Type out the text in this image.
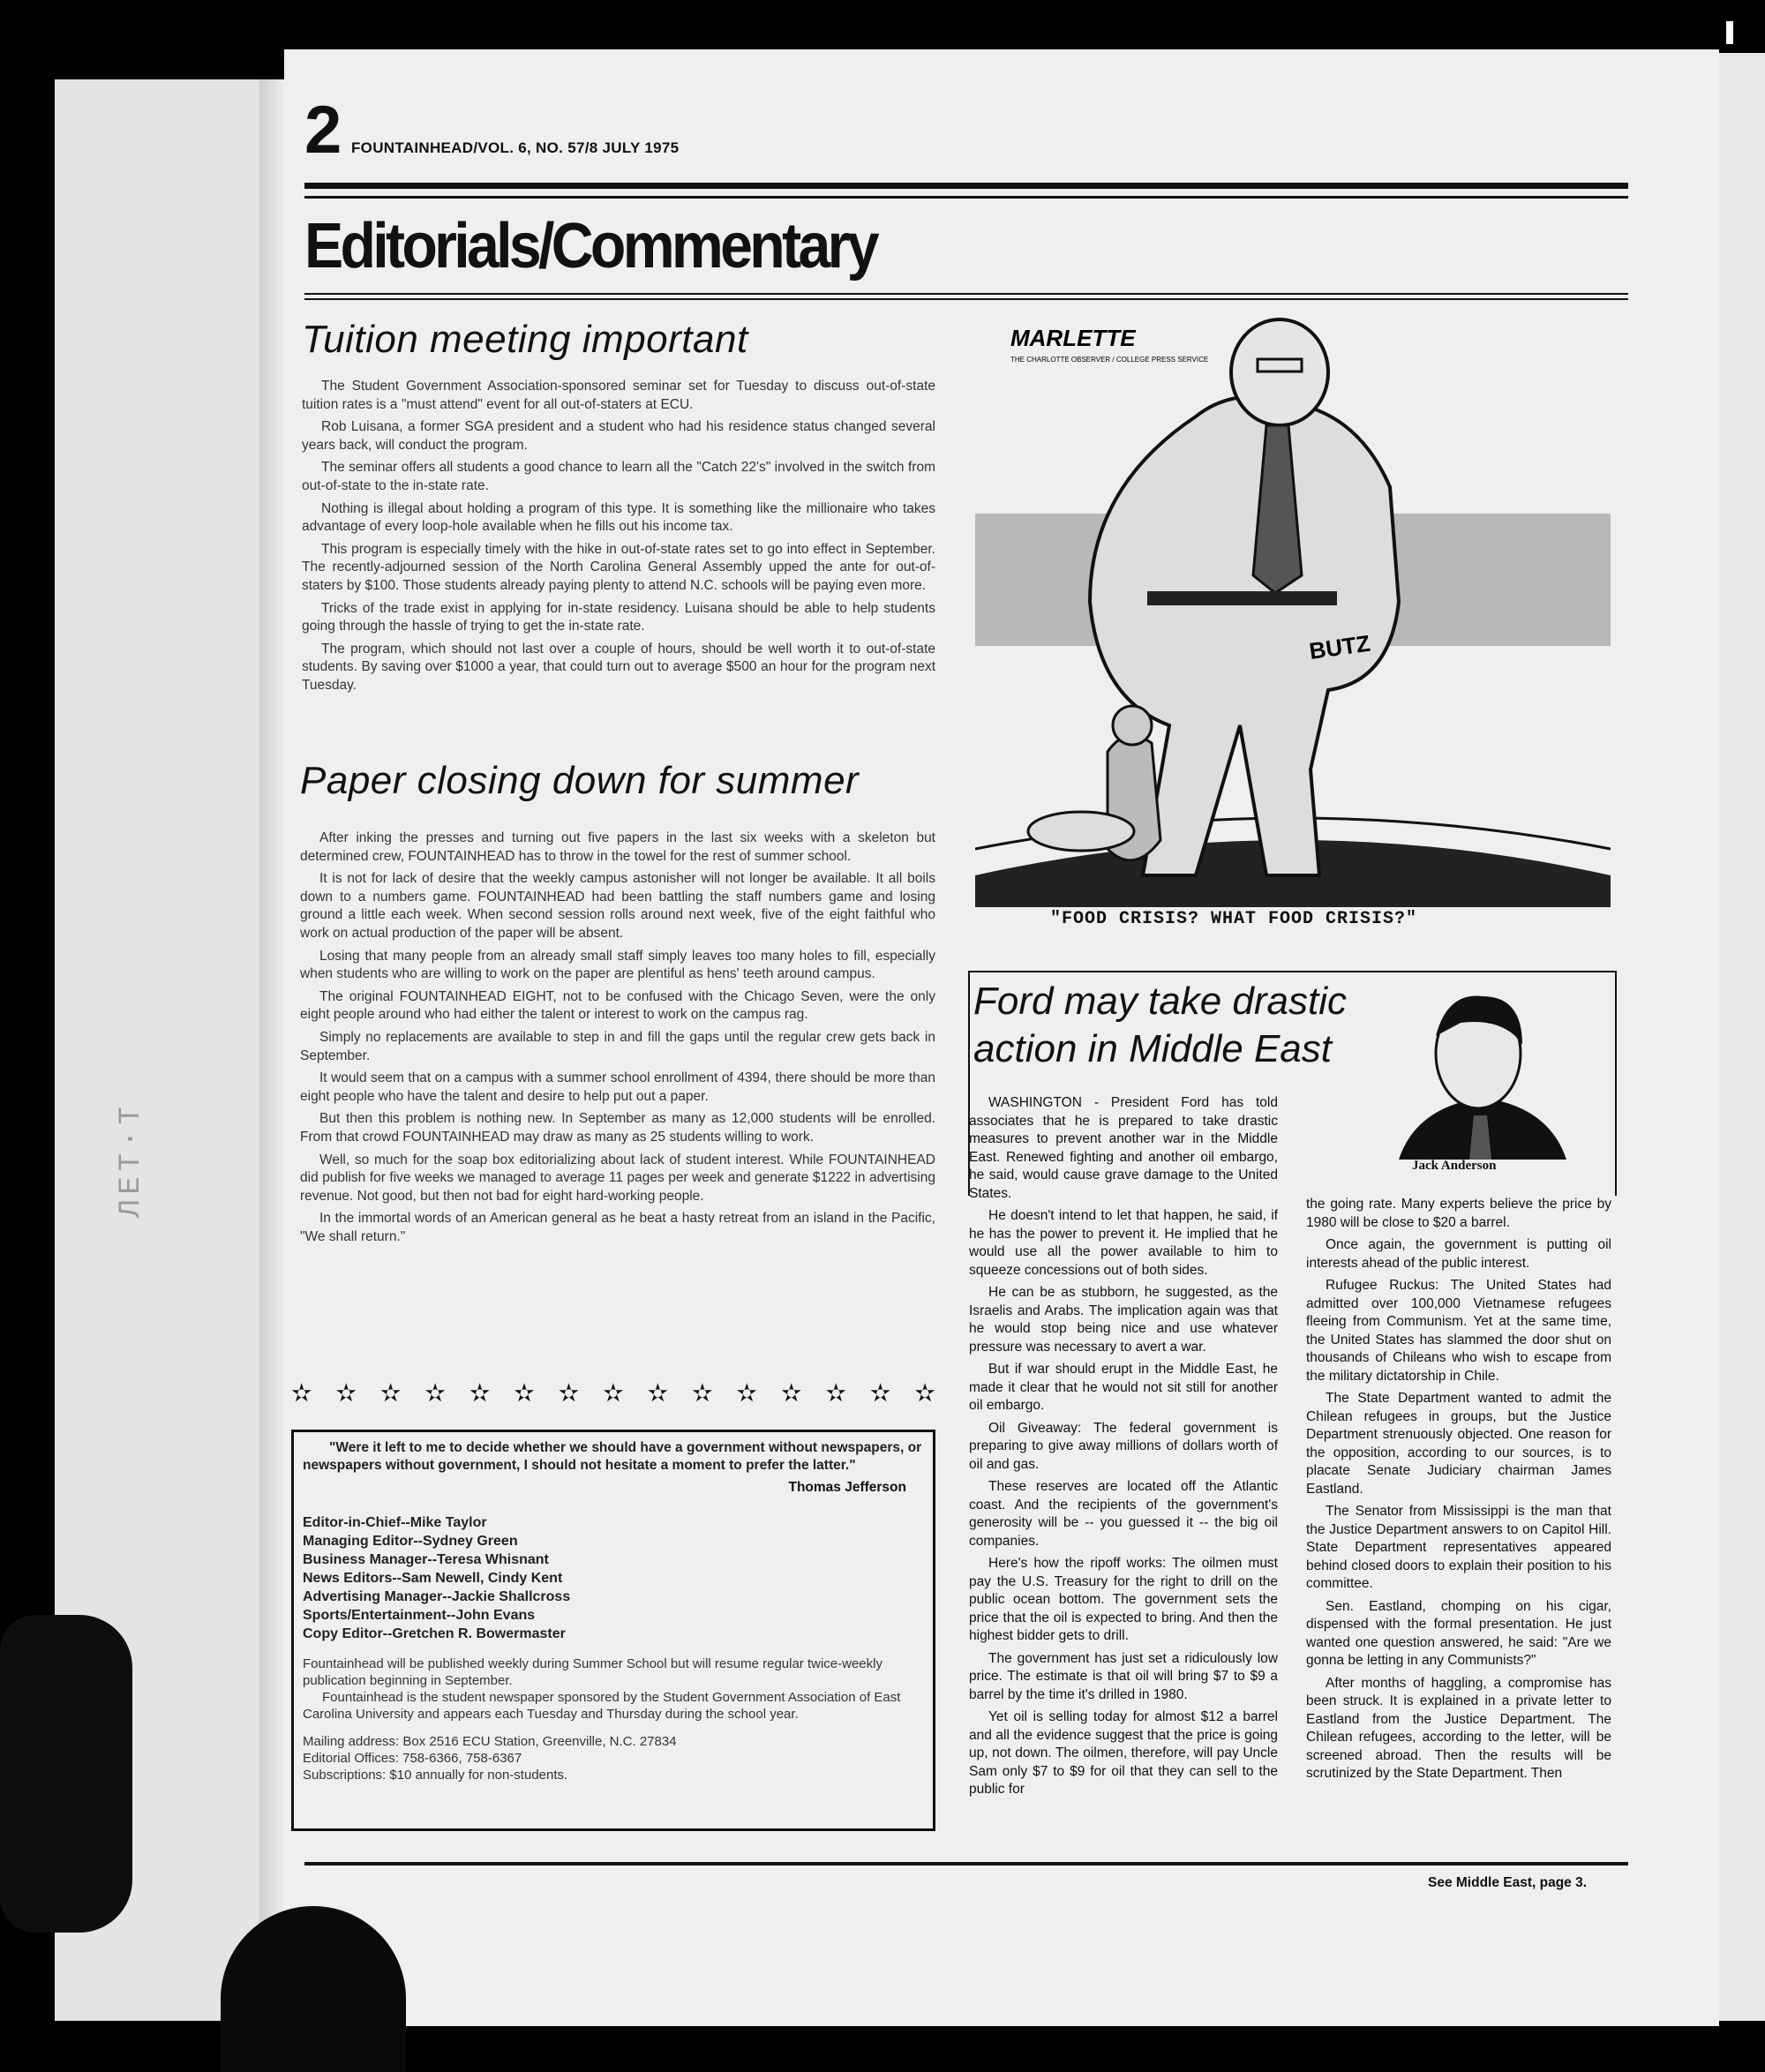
ЛЕТ·Т
2 FOUNTAINHEAD/VOL. 6, NO. 57/8 JULY 1975
Editorials/Commentary
Tuition meeting important

The Student Government Association-sponsored seminar set for Tuesday to discuss out-of-state tuition rates is a "must attend" event for all out-of-staters at ECU.

Rob Luisana, a former SGA president and a student who had his residence status changed several years back, will conduct the program.

The seminar offers all students a good chance to learn all the "Catch 22's" involved in the switch from out-of-state to the in-state rate.

Nothing is illegal about holding a program of this type. It is something like the millionaire who takes advantage of every loop-hole available when he fills out his income tax.

This program is especially timely with the hike in out-of-state rates set to go into effect in September. The recently-adjourned session of the North Carolina General Assembly upped the ante for out-of-staters by $100. Those students already paying plenty to attend N.C. schools will be paying even more.

Tricks of the trade exist in applying for in-state residency. Luisana should be able to help students going through the hassle of trying to get the in-state rate.

The program, which should not last over a couple of hours, should be well worth it to out-of-state students. By saving over $1000 a year, that could turn out to average $500 an hour for the program next Tuesday.

Paper closing down for summer

After inking the presses and turning out five papers in the last six weeks with a skeleton but determined crew, FOUNTAINHEAD has to throw in the towel for the rest of summer school.

It is not for lack of desire that the weekly campus astonisher will not longer be available. It all boils down to a numbers game. FOUNTAINHEAD had been battling the staff numbers game and losing ground a little each week. When second session rolls around next week, five of the eight faithful who work on actual production of the paper will be absent.

Losing that many people from an already small staff simply leaves too many holes to fill, especially when students who are willing to work on the paper are plentiful as hens' teeth around campus.

The original FOUNTAINHEAD EIGHT, not to be confused with the Chicago Seven, were the only eight people around who had either the talent or interest to work on the campus rag.

Simply no replacements are available to step in and fill the gaps until the regular crew gets back in September.

It would seem that on a campus with a summer school enrollment of 4394, there should be more than eight people who have the talent and desire to help put out a paper.

But then this problem is nothing new. In September as many as 12,000 students will be enrolled. From that crowd FOUNTAINHEAD may draw as many as 25 students willing to work.

Well, so much for the soap box editorializing about lack of student interest. While FOUNTAINHEAD did publish for five weeks we managed to average 11 pages per week and generate $1222 in advertising revenue. Not good, but then not bad for eight hard-working people.

In the immortal words of an American general as he beat a hasty retreat from an island in the Pacific, "We shall return."

✫ ✫ ✫ ✫ ✫ ✫ ✫ ✫ ✫ ✫ ✫ ✫ ✫ ✫ ✫
"Were it left to me to decide whether we should have a government without newspapers, or newspapers without government, I should not hesitate a moment to prefer the latter."
Thomas Jefferson
Editor-in-Chief--Mike Taylor
Managing Editor--Sydney Green
Business Manager--Teresa Whisnant
News Editors--Sam Newell, Cindy Kent
Advertising Manager--Jackie Shallcross
Sports/Entertainment--John Evans
Copy Editor--Gretchen R. Bowermaster

Fountainhead will be published weekly during Summer School but will resume regular twice-weekly publication beginning in September.

Fountainhead is the student newspaper sponsored by the Student Government Association of East Carolina University and appears each Tuesday and Thursday during the school year.

Mailing address: Box 2516 ECU Station, Greenville, N.C. 27834
Editorial Offices: 758-6366, 758-6367
Subscriptions: $10 annually for non-students.
BUTZ
MARLETTE
THE CHARLOTTE OBSERVER / COLLEGE PRESS SERVICE
"FOOD CRISIS? WHAT FOOD CRISIS?"
Ford may take drastic action in Middle East
Jack Anderson

WASHINGTON - President Ford has told associates that he is prepared to take drastic measures to prevent another war in the Middle East. Renewed fighting and another oil embargo, he said, would cause grave damage to the United States.

He doesn't intend to let that happen, he said, if he has the power to prevent it. He implied that he would use all the power available to him to squeeze concessions out of both sides.

He can be as stubborn, he suggested, as the Israelis and Arabs. The implication again was that he would stop being nice and use whatever pressure was necessary to avert a war.

But if war should erupt in the Middle East, he made it clear that he would not sit still for another oil embargo.

Oil Giveaway: The federal government is preparing to give away millions of dollars worth of oil and gas.

These reserves are located off the Atlantic coast. And the recipients of the government's generosity will be -- you guessed it -- the big oil companies.

Here's how the ripoff works: The oilmen must pay the U.S. Treasury for the right to drill on the public ocean bottom. The government sets the price that the oil is expected to bring. And then the highest bidder gets to drill.

The government has just set a ridiculously low price. The estimate is that oil will bring $7 to $9 a barrel by the time it's drilled in 1980.

Yet oil is selling today for almost $12 a barrel and all the evidence suggest that the price is going up, not down. The oilmen, therefore, will pay Uncle Sam only $7 to $9 for oil that they can sell to the public for

the going rate. Many experts believe the price by 1980 will be close to $20 a barrel.

Once again, the government is putting oil interests ahead of the public interest.

Rufugee Ruckus: The United States had admitted over 100,000 Vietnamese refugees fleeing from Communism. Yet at the same time, the United States has slammed the door shut on thousands of Chileans who wish to escape from the military dictatorship in Chile.

The State Department wanted to admit the Chilean refugees in groups, but the Justice Department strenuously objected. One reason for the opposition, according to our sources, is to placate Senate Judiciary chairman James Eastland.

The Senator from Mississippi is the man that the Justice Department answers to on Capitol Hill. State Department representatives appeared behind closed doors to explain their position to his committee.

Sen. Eastland, chomping on his cigar, dispensed with the formal presentation. He just wanted one question answered, he said: "Are we gonna be letting in any Communists?"

After months of haggling, a compromise has been struck. It is explained in a private letter to Eastland from the Justice Department. The Chilean refugees, according to the letter, will be screened abroad. Then the results will be scrutinized by the State Department. Then

See Middle East, page 3.
